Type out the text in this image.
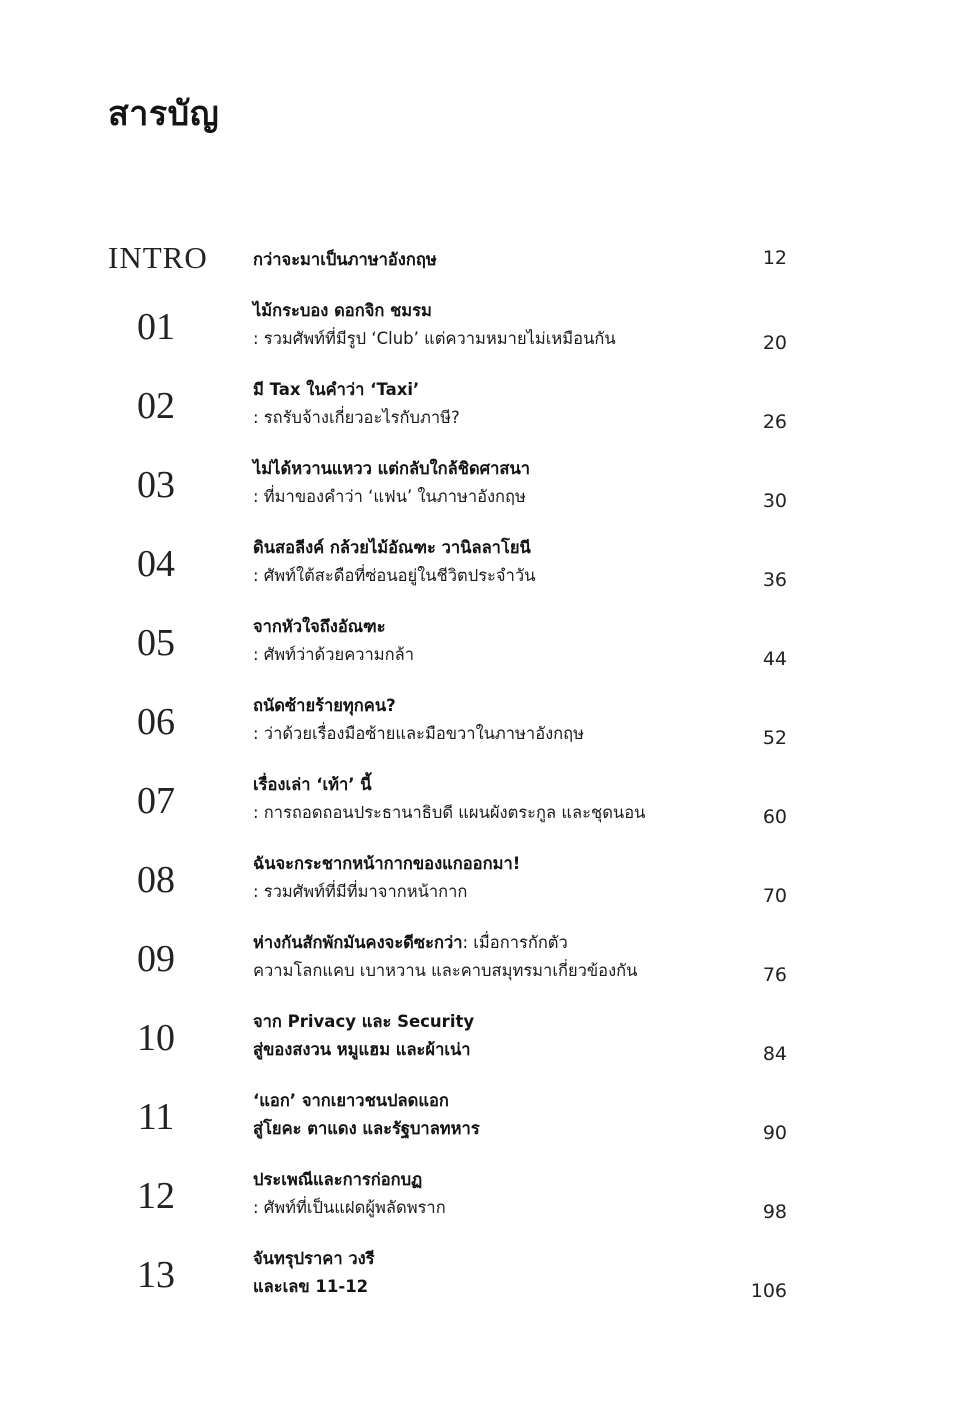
สารบัญ
INTRO	กว่าจะมาเป็นภาษาอังกฤษ	12
01	ไม้กระบอง ดอกจิก ชมรม
: รวมศัพท์ที่มีรูป ‘Club’ แต่ความหมายไม่เหมือนกัน	20
02	มี Tax ในคำว่า ‘Taxi’
: รถรับจ้างเกี่ยวอะไรกับภาษี?	26
03	ไม่ได้หวานแหวว แต่กลับใกล้ชิดศาสนา
: ที่มาของคำว่า ‘แฟน’ ในภาษาอังกฤษ	30
04	ดินสอลีงค์ กล้วยไม้อัณฑะ วานิลลาโยนี
: ศัพท์ใต้สะดือที่ซ่อนอยู่ในชีวิตประจำวัน	36
05	จากหัวใจถึงอัณฑะ
: ศัพท์ว่าด้วยความกล้า	44
06	ถนัดซ้ายร้ายทุกคน?
: ว่าด้วยเรื่องมือซ้ายและมือขวาในภาษาอังกฤษ	52
07	เรื่องเล่า ‘เท้า’ นี้
: การถอดถอนประธานาธิบดี แผนผังตระกูล และชุดนอน	60
08	ฉันจะกระชากหน้ากากของแกออกมา!
: รวมศัพท์ที่มีที่มาจากหน้ากาก	70
09	ห่างกันสักพักมันคงจะดีซะกว่า: เมื่อการกักตัว
ความโลกแคบ เบาหวาน และคาบสมุทรมาเกี่ยวข้องกัน	76
10	จาก Privacy และ Security
สู่ของสงวน หมูแฮม และผ้าเน่า	84
11	‘แอก’ จากเยาวชนปลดแอก
สู่โยคะ ตาแดง และรัฐบาลทหาร	90
12	ประเพณีและการก่อกบฏ
: ศัพท์ที่เป็นแฝดผู้พลัดพราก	98
13	จันทรุปราคา วงรี
และเลข 11-12	106
